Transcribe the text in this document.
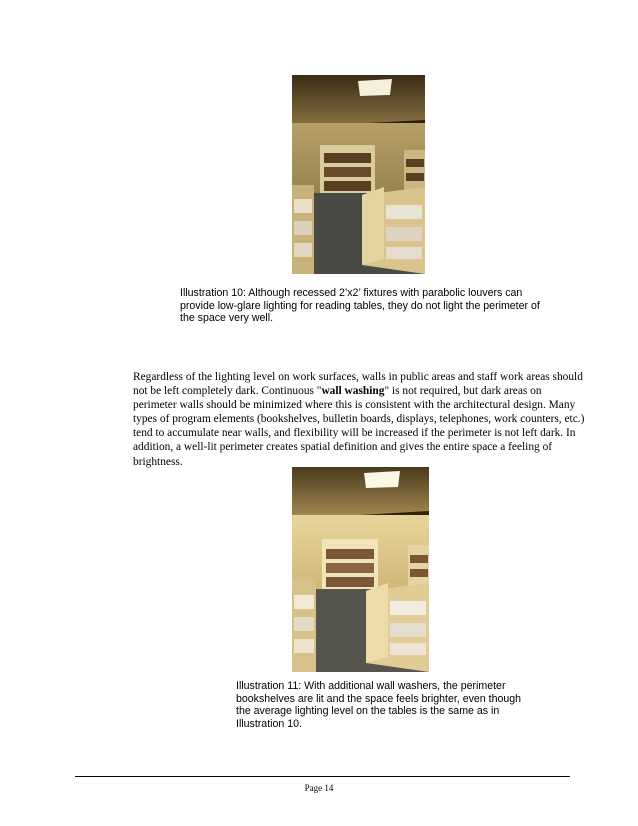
Illustration 10: Although recessed 2’x2’ fixtures with parabolic louvers can provide low-glare lighting for reading tables, they do not light the perimeter of the space very well.

Regardless of the lighting level on work surfaces, walls in public areas and staff work areas should not be left completely dark. Continuous "wall washing" is not required, but dark areas on perimeter walls should be minimized where this is consistent with the architectural design. Many types of program elements (bookshelves, bulletin boards, displays, telephones, work counters, etc.) tend to accumulate near walls, and flexibility will be increased if the perimeter is not left dark. In addition, a well-lit perimeter creates spatial definition and gives the entire space a feeling of brightness.

Illustration 11: With additional wall washers, the perimeter bookshelves are lit and the space feels brighter, even though the average lighting level on the tables is the same as in Illustration 10.

Page 14
